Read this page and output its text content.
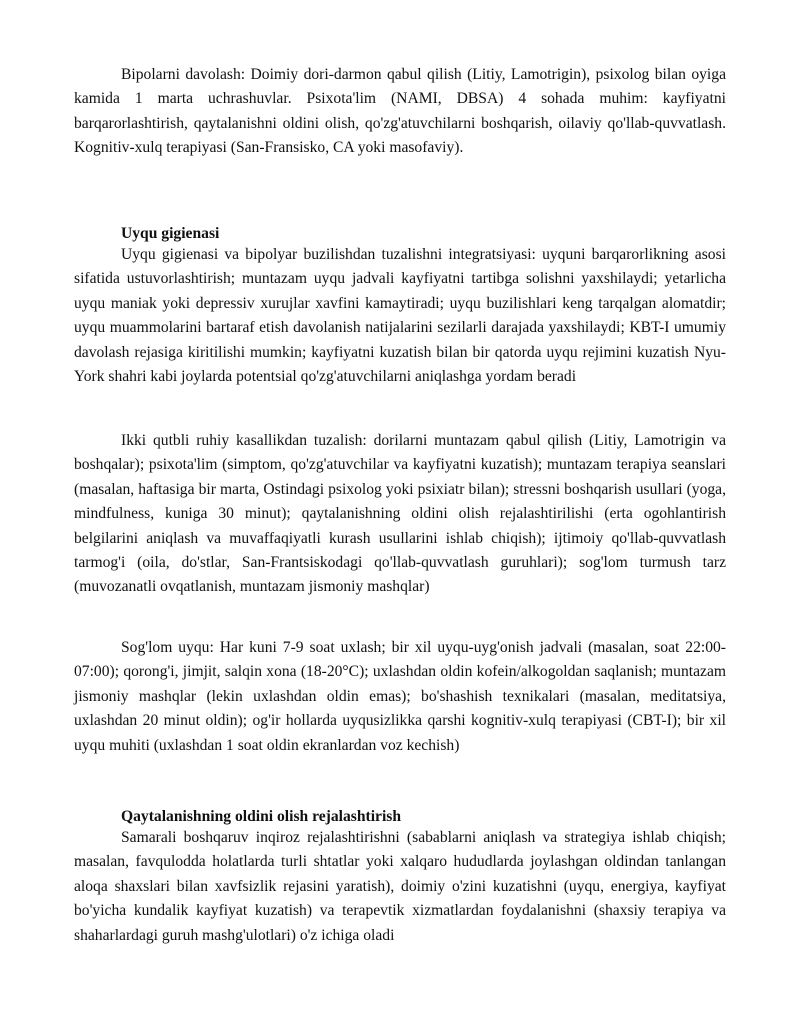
Bipolarni davolash: Doimiy dori-darmon qabul qilish (Litiy, Lamotrigin), psixolog bilan oyiga kamida 1 marta uchrashuvlar. Psixota'lim (NAMI, DBSA) 4 sohada muhim: kayfiyatni barqarorlashtirish, qaytalanishni oldini olish, qo'zg'atuvchilarni boshqarish, oilaviy qo'llab-quvvatlash. Kognitiv-xulq terapiyasi (San-Fransisko, CA yoki masofaviy).

Uyqu gigienasi

Uyqu gigienasi va bipolyar buzilishdan tuzalishni integratsiyasi: uyquni barqarorlikning asosi sifatida ustuvorlashtirish; muntazam uyqu jadvali kayfiyatni tartibga solishni yaxshilaydi; yetarlicha uyqu maniak yoki depressiv xurujlar xavfini kamaytiradi; uyqu buzilishlari keng tarqalgan alomatdir; uyqu muammolarini bartaraf etish davolanish natijalarini sezilarli darajada yaxshilaydi; KBT-I umumiy davolash rejasiga kiritilishi mumkin; kayfiyatni kuzatish bilan bir qatorda uyqu rejimini kuzatish Nyu-York shahri kabi joylarda potentsial qo'zg'atuvchilarni aniqlashga yordam beradi

Ikki qutbli ruhiy kasallikdan tuzalish: dorilarni muntazam qabul qilish (Litiy, Lamotrigin va boshqalar); psixota'lim (simptom, qo'zg'atuvchilar va kayfiyatni kuzatish); muntazam terapiya seanslari (masalan, haftasiga bir marta, Ostindagi psixolog yoki psixiatr bilan); stressni boshqarish usullari (yoga, mindfulness, kuniga 30 minut); qaytalanishning oldini olish rejalashtirilishi (erta ogohlantirish belgilarini aniqlash va muvaffaqiyatli kurash usullarini ishlab chiqish); ijtimoiy qo'llab-quvvatlash tarmog'i (oila, do'stlar, San-Frantsiskodagi qo'llab-quvvatlash guruhlari); sog'lom turmush tarz (muvozanatli ovqatlanish, muntazam jismoniy mashqlar)

Sog'lom uyqu: Har kuni 7-9 soat uxlash; bir xil uyqu-uyg'onish jadvali (masalan, soat 22:00-07:00); qorong'i, jimjit, salqin xona (18-20°C); uxlashdan oldin kofein/alkogoldan saqlanish; muntazam jismoniy mashqlar (lekin uxlashdan oldin emas); bo'shashish texnikalari (masalan, meditatsiya, uxlashdan 20 minut oldin); og'ir hollarda uyqusizlikka qarshi kognitiv-xulq terapiyasi (CBT-I); bir xil uyqu muhiti (uxlashdan 1 soat oldin ekranlardan voz kechish)

Qaytalanishning oldini olish rejalashtirish

Samarali boshqaruv inqiroz rejalashtirishni (sabablarni aniqlash va strategiya ishlab chiqish; masalan, favqulodda holatlarda turli shtatlar yoki xalqaro hududlarda joylashgan oldindan tanlangan aloqa shaxslari bilan xavfsizlik rejasini yaratish), doimiy o'zini kuzatishni (uyqu, energiya, kayfiyat bo'yicha kundalik kayfiyat kuzatish) va terapevtik xizmatlardan foydalanishni (shaxsiy terapiya va shaharlardagi guruh mashg'ulotlari) o'z ichiga oladi
